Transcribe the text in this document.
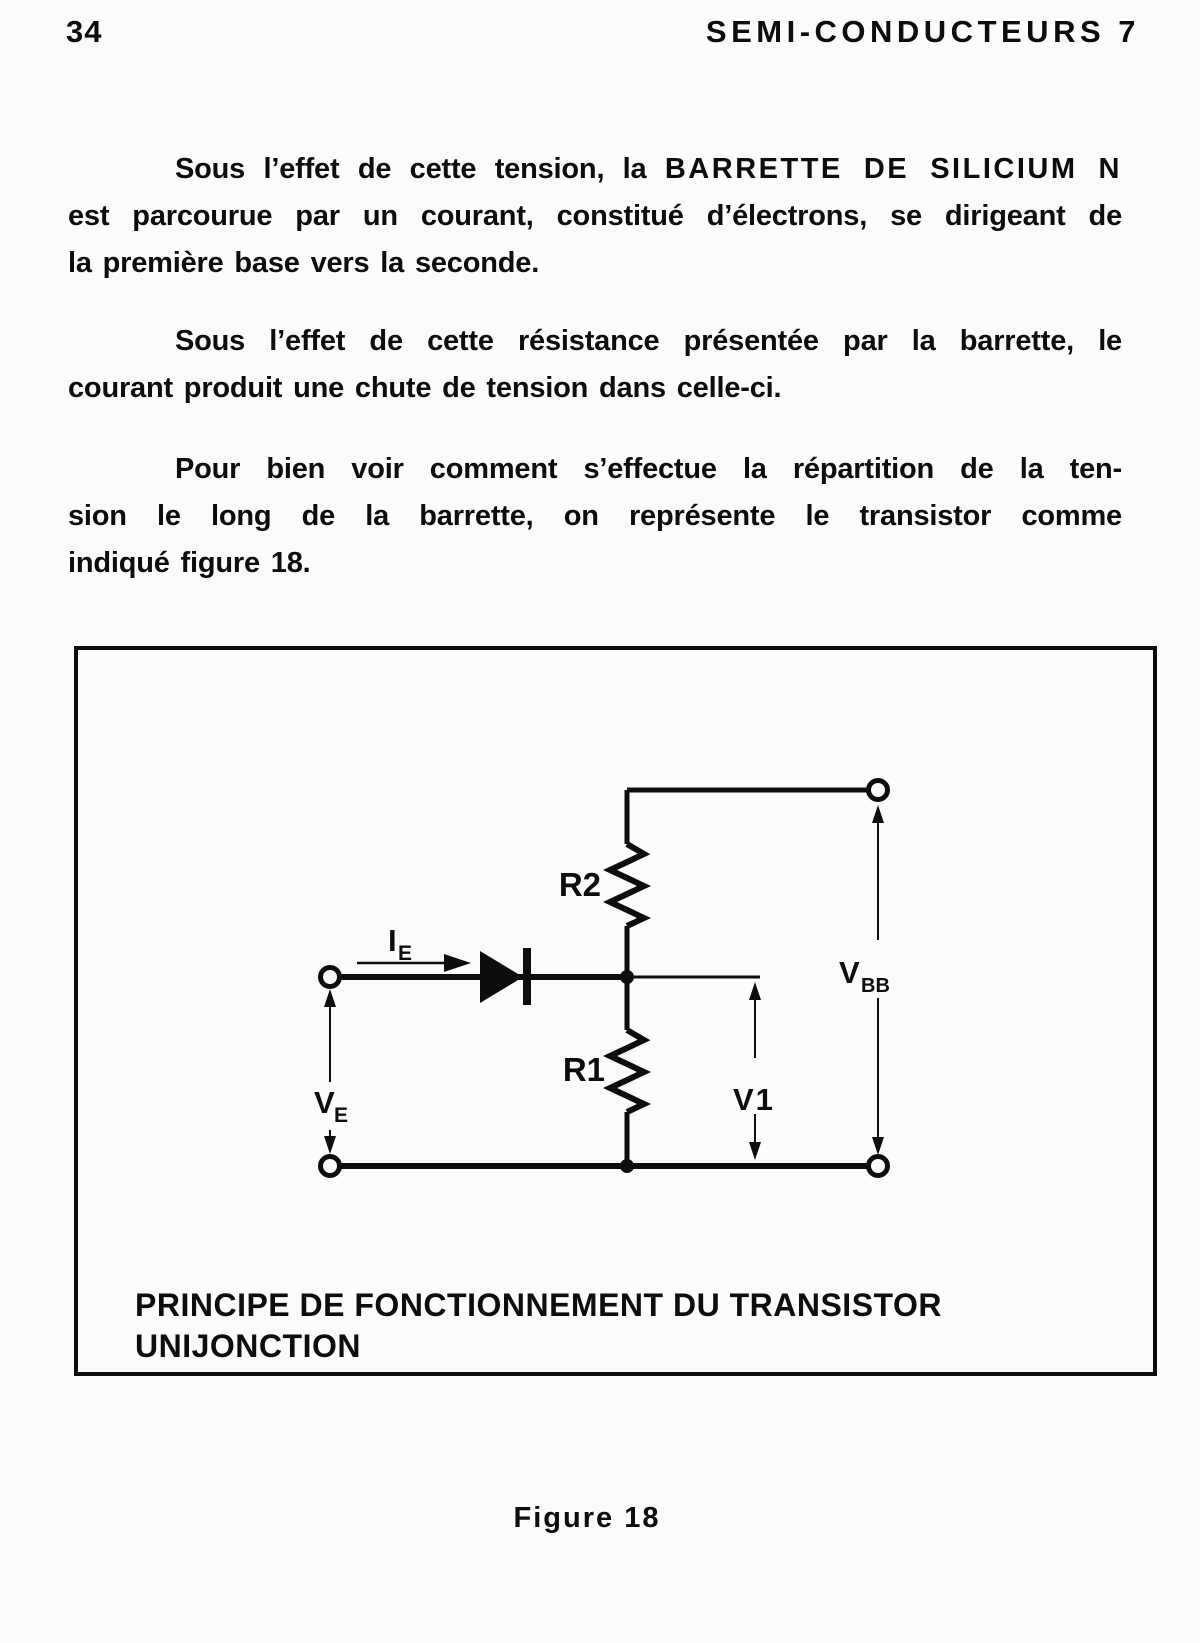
34	SEMI-CONDUCTEURS 7
Sous l’effet de cette tension, la BARRETTE DE SILICIUM N
est parcourue par un courant, constitué d’électrons, se dirigeant de
la première base vers la seconde.
Sous l’effet de cette résistance présentée par la barrette, le
courant produit une chute de tension dans celle-ci.
Pour bien voir comment s’effectue la répartition de la ten-
sion le long de la barrette, on représente le transistor comme
indiqué figure 18.
R2
R1
V1
I E
V E
V BB
PRINCIPE DE FONCTIONNEMENT DU TRANSISTOR
UNIJONCTION
Figure 18
